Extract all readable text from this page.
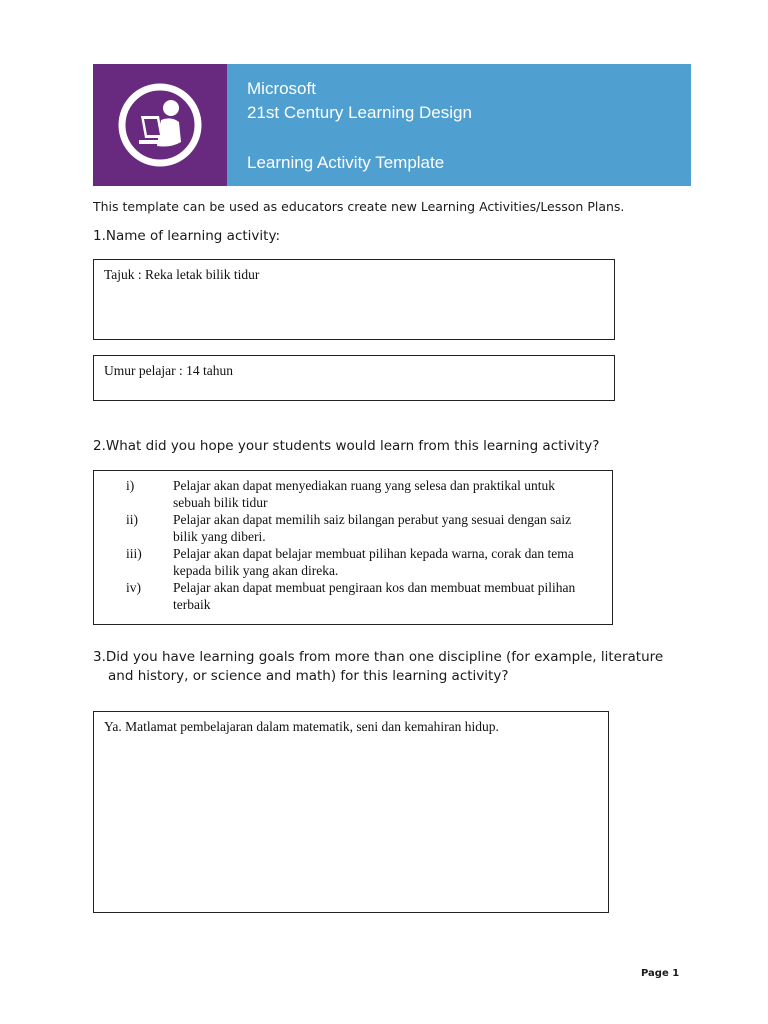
Microsoft
21st Century Learning Design
Learning Activity Template
This template can be used as educators create new Learning Activities/Lesson Plans.
1.Name of learning activity:
Tajuk : Reka letak bilik tidur
Umur pelajar : 14 tahun
2.What did you hope your students would learn from this learning activity?
i)	Pelajar akan dapat menyediakan ruang yang selesa dan praktikal untuk sebuah bilik tidur
ii)	Pelajar akan dapat memilih saiz bilangan perabut yang sesuai dengan saiz bilik yang diberi.
iii)	Pelajar akan dapat belajar membuat pilihan kepada warna, corak dan tema kepada bilik yang akan direka.
iv)	Pelajar akan dapat membuat pengiraan kos dan membuat membuat pilihan terbaik
3.Did you have learning goals from more than one discipline (for example, literature and history, or science and math) for this learning activity?
Ya. Matlamat pembelajaran dalam matematik, seni dan kemahiran hidup.
Page 1
